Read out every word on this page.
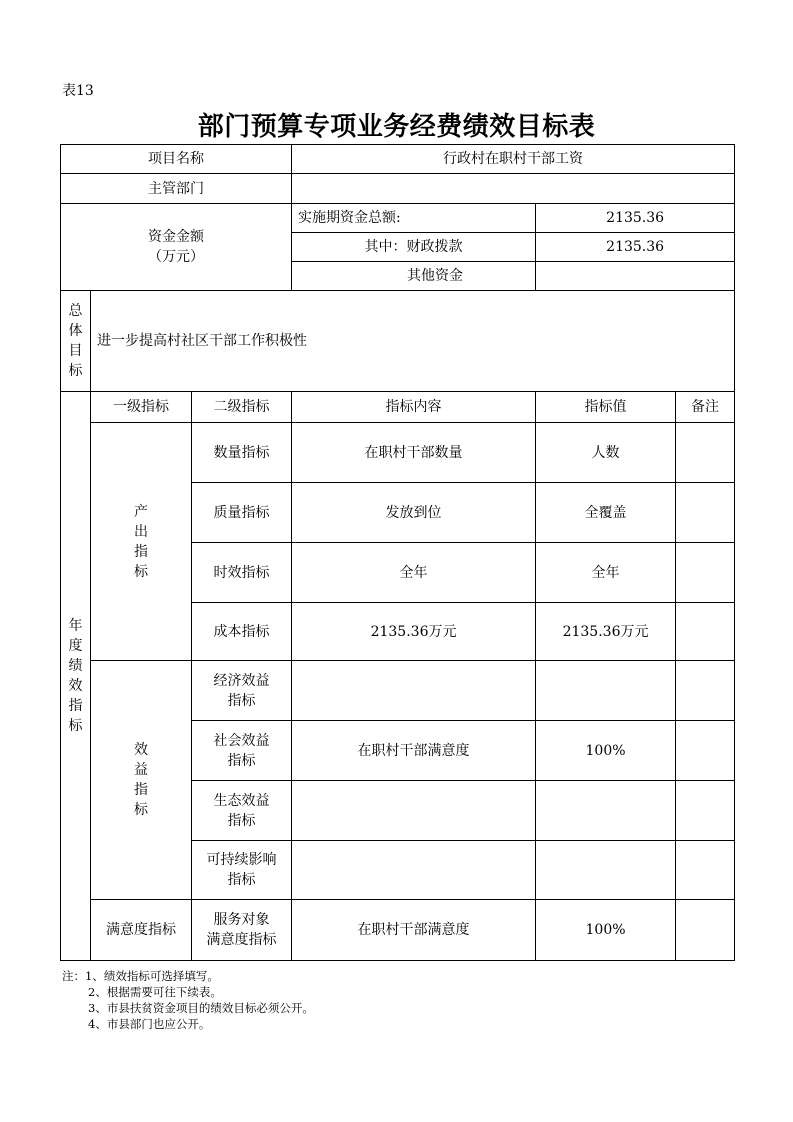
表13
部门预算专项业务经费绩效目标表
项目名称			行政村在职村干部工资		
主管部门					

资金金额
（万元）			实施期资金总额:	2135.36	
			其中：财政拨款	2135.36	
			其他资金		
总体目标	进一步提高村社区干部工作积极性				
年度绩效指标	一级指标	二级指标	指标内容	指标值	备注
	产出指标	数量指标	在职村干部数量	人数	
		质量指标	发放到位	全覆盖	
		时效指标	全年	全年	
		成本指标	2135.36万元	2135.36万元	
	效益指标	经济效益
指标			

		社会效益
指标	在职村干部满意度	100%	

		生态效益
指标			

		可持续影响
指标			

	满意度指标	服务对象
满意度指标	在职村干部满意度	100%	
注：1、绩效指标可选择填写。
2、根据需要可往下续表。
3、市县扶贫资金项目的绩效目标必须公开。
4、市县部门也应公开。
